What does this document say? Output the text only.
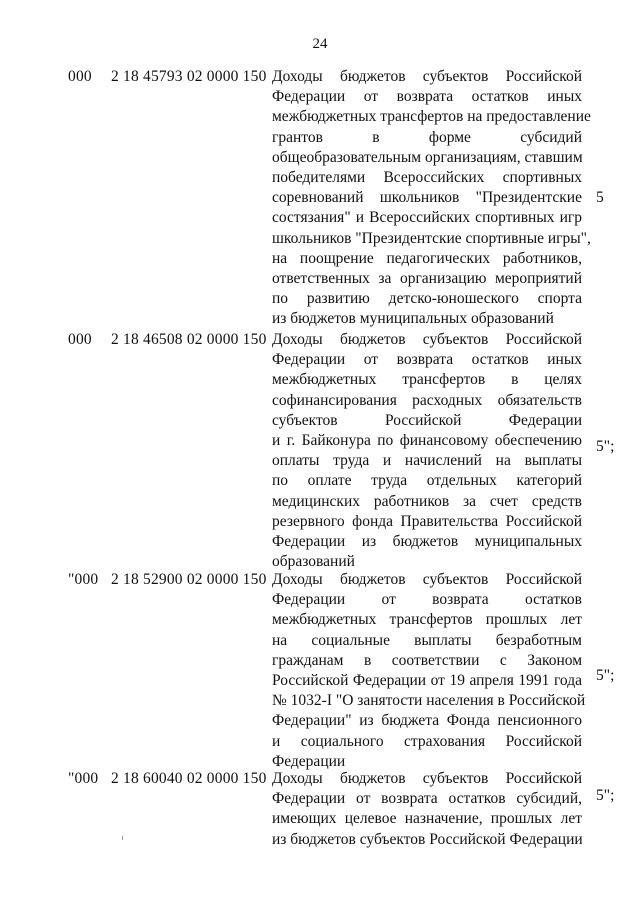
24
000 2 18 45793 02 0000 150 Доходы бюджетов субъектов Российской
Федерации от возврата остатков иных
межбюджетных трансфертов на предоставление
грантов в форме субсидий
общеобразовательным организациям, ставшим
победителями Всероссийских спортивных
соревнований школьников "Президентские
состязания" и Всероссийских спортивных игр
школьников "Президентские спортивные игры",
на поощрение педагогических работников,
ответственных за организацию мероприятий
по развитию детско-юношеского спорта
из бюджетов муниципальных образований
5
000 2 18 46508 02 0000 150 Доходы бюджетов субъектов Российской
Федерации от возврата остатков иных
межбюджетных трансфертов в целях
софинансирования расходных обязательств
субъектов Российской Федерации
и г. Байконура по финансовому обеспечению
оплаты труда и начислений на выплаты
по оплате труда отдельных категорий
медицинских работников за счет средств
резервного фонда Правительства Российской
Федерации из бюджетов муниципальных
образований
5";
"000 2 18 52900 02 0000 150 Доходы бюджетов субъектов Российской
Федерации от возврата остатков
межбюджетных трансфертов прошлых лет
на социальные выплаты безработным
гражданам в соответствии с Законом
Российской Федерации от 19 апреля 1991 года
№ 1032-I "О занятости населения в Российской
Федерации" из бюджета Фонда пенсионного
и социального страхования Российской
Федерации
5";
"000 2 18 60040 02 0000 150 Доходы бюджетов субъектов Российской
Федерации от возврата остатков субсидий,
имеющих целевое назначение, прошлых лет
из бюджетов субъектов Российской Федерации
5";
